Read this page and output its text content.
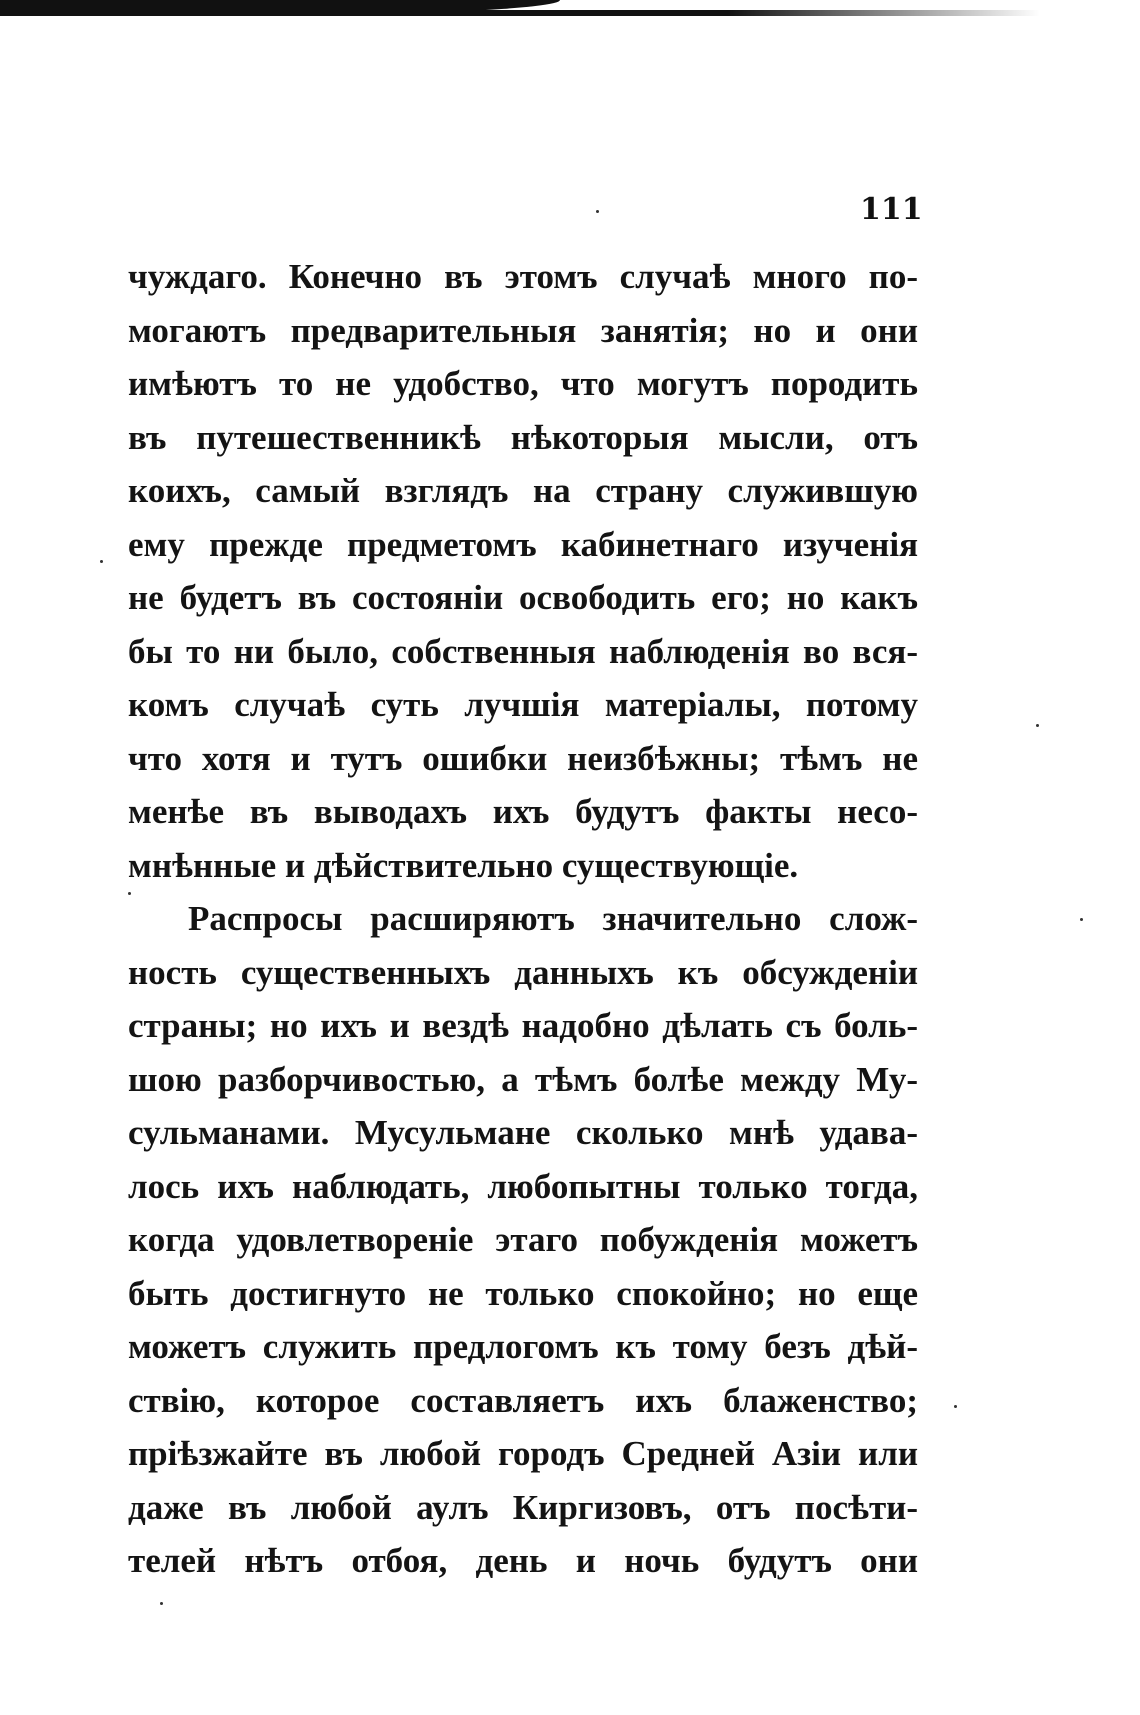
111
чуждаго. Конечно въ этомъ случаѣ много по-
могаютъ предварительныя занятія; но и они
имѣютъ то не удобство, что могутъ породить
въ путешественникѣ нѣкоторыя мысли, отъ
коихъ, самый взглядъ на страну служившую
ему прежде предметомъ кабинетнаго изученія
не будетъ въ состояніи освободить его; но какъ
бы то ни было, собственныя наблюденія во вся-
комъ случаѣ суть лучшія матеріалы, потому
что хотя и тутъ ошибки неизбѣжны; тѣмъ не
менѣе въ выводахъ ихъ будутъ факты несо-
мнѣнные и дѣйствительно существующіе.
Распросы расширяютъ значительно слож-
ность существенныхъ данныхъ къ обсужденіи
страны; но ихъ и вездѣ надобно дѣлать съ боль-
шою разборчивостью, а тѣмъ болѣе между Му-
сульманами. Мусульмане сколько мнѣ удава-
лось ихъ наблюдать, любопытны только тогда,
когда удовлетвореніе этаго побужденія можетъ
быть достигнуто не только спокойно; но еще
можетъ служить предлогомъ къ тому безъ дѣй-
ствію, которое составляетъ ихъ блаженство;
пріѣзжайте въ любой городъ Средней Азіи или
даже въ любой аулъ Киргизовъ, отъ посѣти-
телей нѣтъ отбоя, день и ночь будутъ они
